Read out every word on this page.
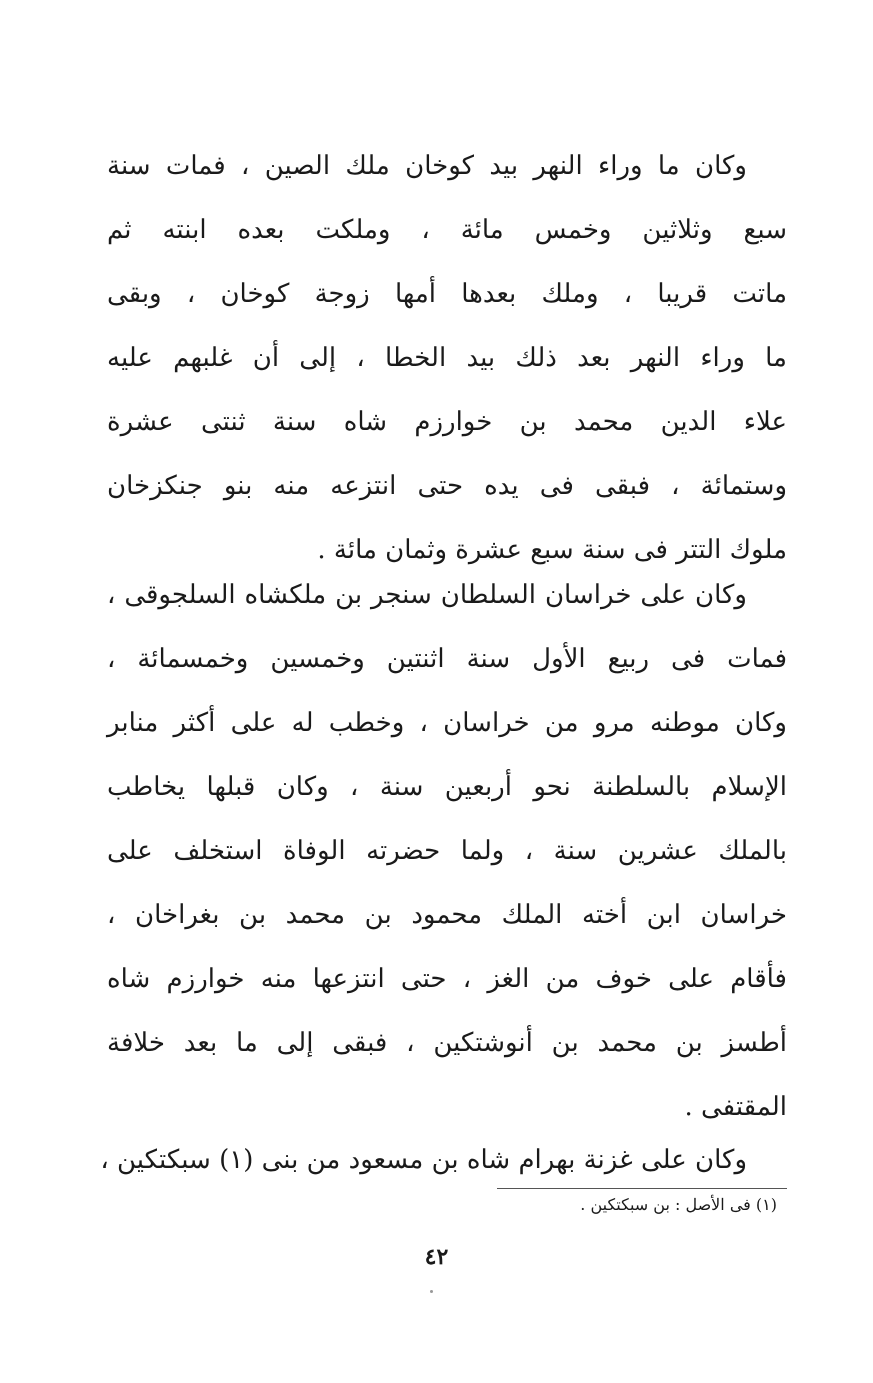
وكان ما وراء النهر بيد كوخان ملك الصين ، فمات سنة
سبع وثلاثين وخمس مائة ، وملكت بعده ابنته ثم
ماتت قريبا ، وملك بعدها أمها زوجة كوخان ، وبقى
ما وراء النهر بعد ذلك بيد الخطا ، إلى أن غلبهم عليه
علاء الدين محمد بن خوارزم شاه سنة ثنتى عشرة
وستمائة ، فبقى فى يده حتى انتزعه منه بنو جنكزخان
ملوك التتر فى سنة سبع عشرة وثمان مائة .
وكان على خراسان السلطان سنجر بن ملكشاه السلجوقى ،
فمات فى ربيع الأول سنة اثنتين وخمسين وخمسمائة ،
وكان موطنه مرو من خراسان ، وخطب له على أكثر منابر
الإسلام بالسلطنة نحو أربعين سنة ، وكان قبلها يخاطب
بالملك عشرين سنة ، ولما حضرته الوفاة استخلف على
خراسان ابن أخته الملك محمود بن محمد بن بغراخان ،
فأقام على خوف من الغز ، حتى انتزعها منه خوارزم شاه
أطسز بن محمد بن أنوشتكين ، فبقى إلى ما بعد خلافة
المقتفى .
وكان على غزنة بهرام شاه بن مسعود من بنى (١) سبكتكين ،
(١) فى الأصل : بن سبكتكين .
٤٢
